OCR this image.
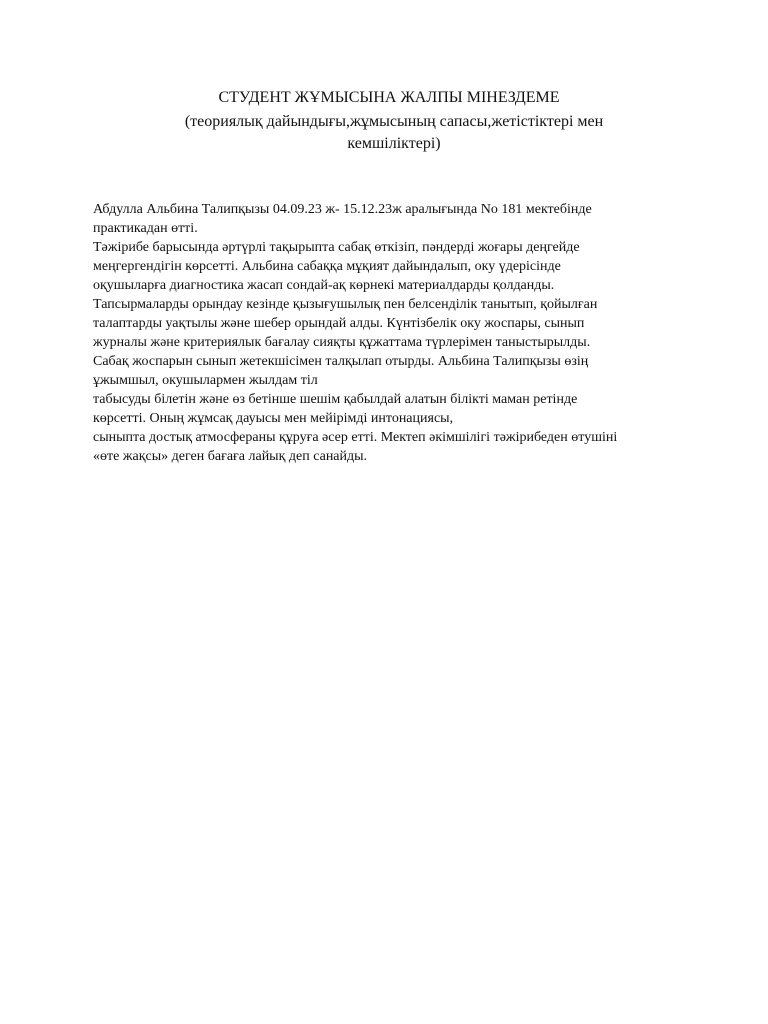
СТУДЕНТ ЖҰМЫСЫНА ЖАЛПЫ МІНЕЗДЕМЕ

(теориялық дайындығы,жұмысының сапасы,жетістіктері мен
кемшіліктері)

Абдулла Альбина Талипқызы 04.09.23 ж- 15.12.23ж аралығында No 181 мектебінде
практикадан өтті.
Тәжірибе барысында әртүрлі тақырыпта сабақ өткізіп, пәндерді жоғары деңгейде
меңгергендігін көрсетті. Альбина сабаққа мұқият дайындалып, оку үдерісінде
оқушыларға диагностика жасап сондай-ақ көрнекі материалдарды қолданды.
Тапсырмаларды орындау кезінде қызығушылық пен белсенділік танытып, қойылған
талаптарды уақтылы және шебер орындай алды. Күнтізбелік оку жоспары, сынып
журналы және критериялык бағалау сияқты құжаттама түрлерімен таныстырылды.
Сабақ жоспарын сынып жетекшісімен талқылап отырды. Альбина Талипқызы өзің
ұжымшыл, окушылармен жылдам тіл
табысуды білетін және өз бетінше шешім қабылдай алатын білікті маман ретінде
көрсетті. Оның жұмсақ дауысы мен мейірімді интонациясы,
сыныпта достық атмосфераны құруға әсер етті. Мектеп әкімшілігі тәжірибеден өтушіні
«өте жақсы» деген бағаға лайық деп санайды.
